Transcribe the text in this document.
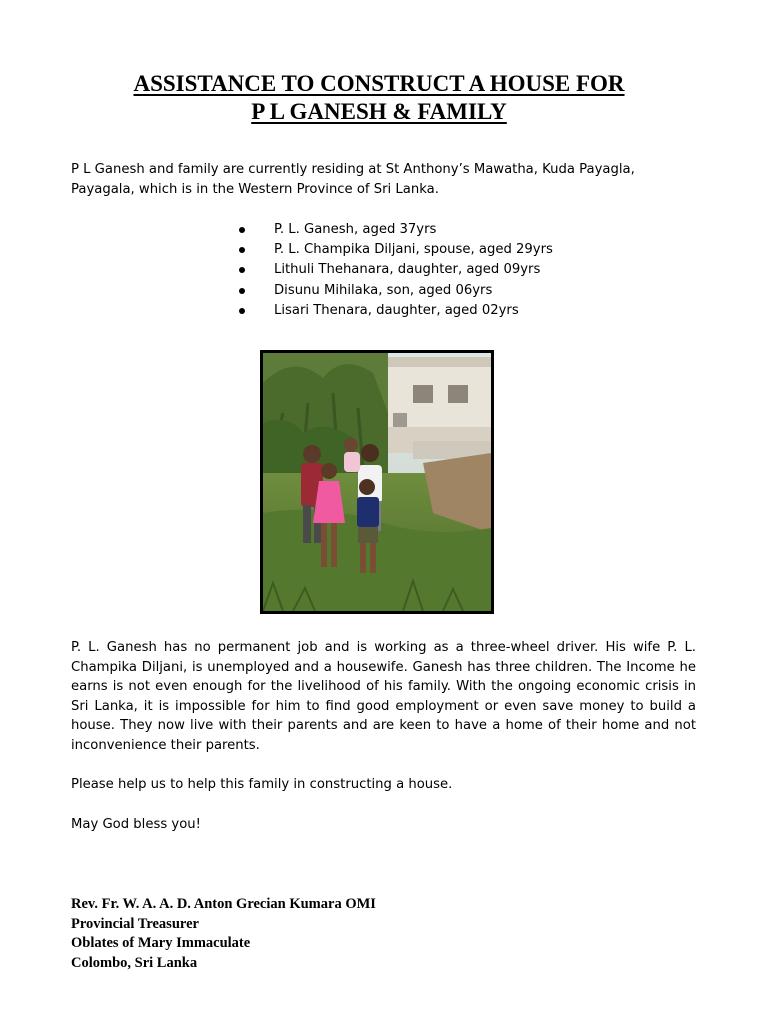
ASSISTANCE TO CONSTRUCT A HOUSE FOR
P L GANESH & FAMILY
P L Ganesh and family are currently residing at St Anthony’s Mawatha, Kuda Payagla, Payagala, which is in the Western Province of Sri Lanka.
P. L. Ganesh, aged 37yrs
P. L. Champika Diljani, spouse, aged 29yrs
Lithuli Thehanara, daughter, aged 09yrs
Disunu Mihilaka, son, aged 06yrs
Lisari Thenara, daughter, aged 02yrs
P. L. Ganesh has no permanent job and is working as a three-wheel driver. His wife P. L. Champika Diljani, is unemployed and a housewife. Ganesh has three children. The Income he earns is not even enough for the livelihood of his family. With the ongoing economic crisis in Sri Lanka, it is impossible for him to find good employment or even save money to build a house. They now live with their parents and are keen to have a home of their home and not inconvenience their parents.
Please help us to help this family in constructing a house.
May God bless you!
Rev. Fr. W. A. A. D. Anton Grecian Kumara OMI
Provincial Treasurer
Oblates of Mary Immaculate
Colombo, Sri Lanka
